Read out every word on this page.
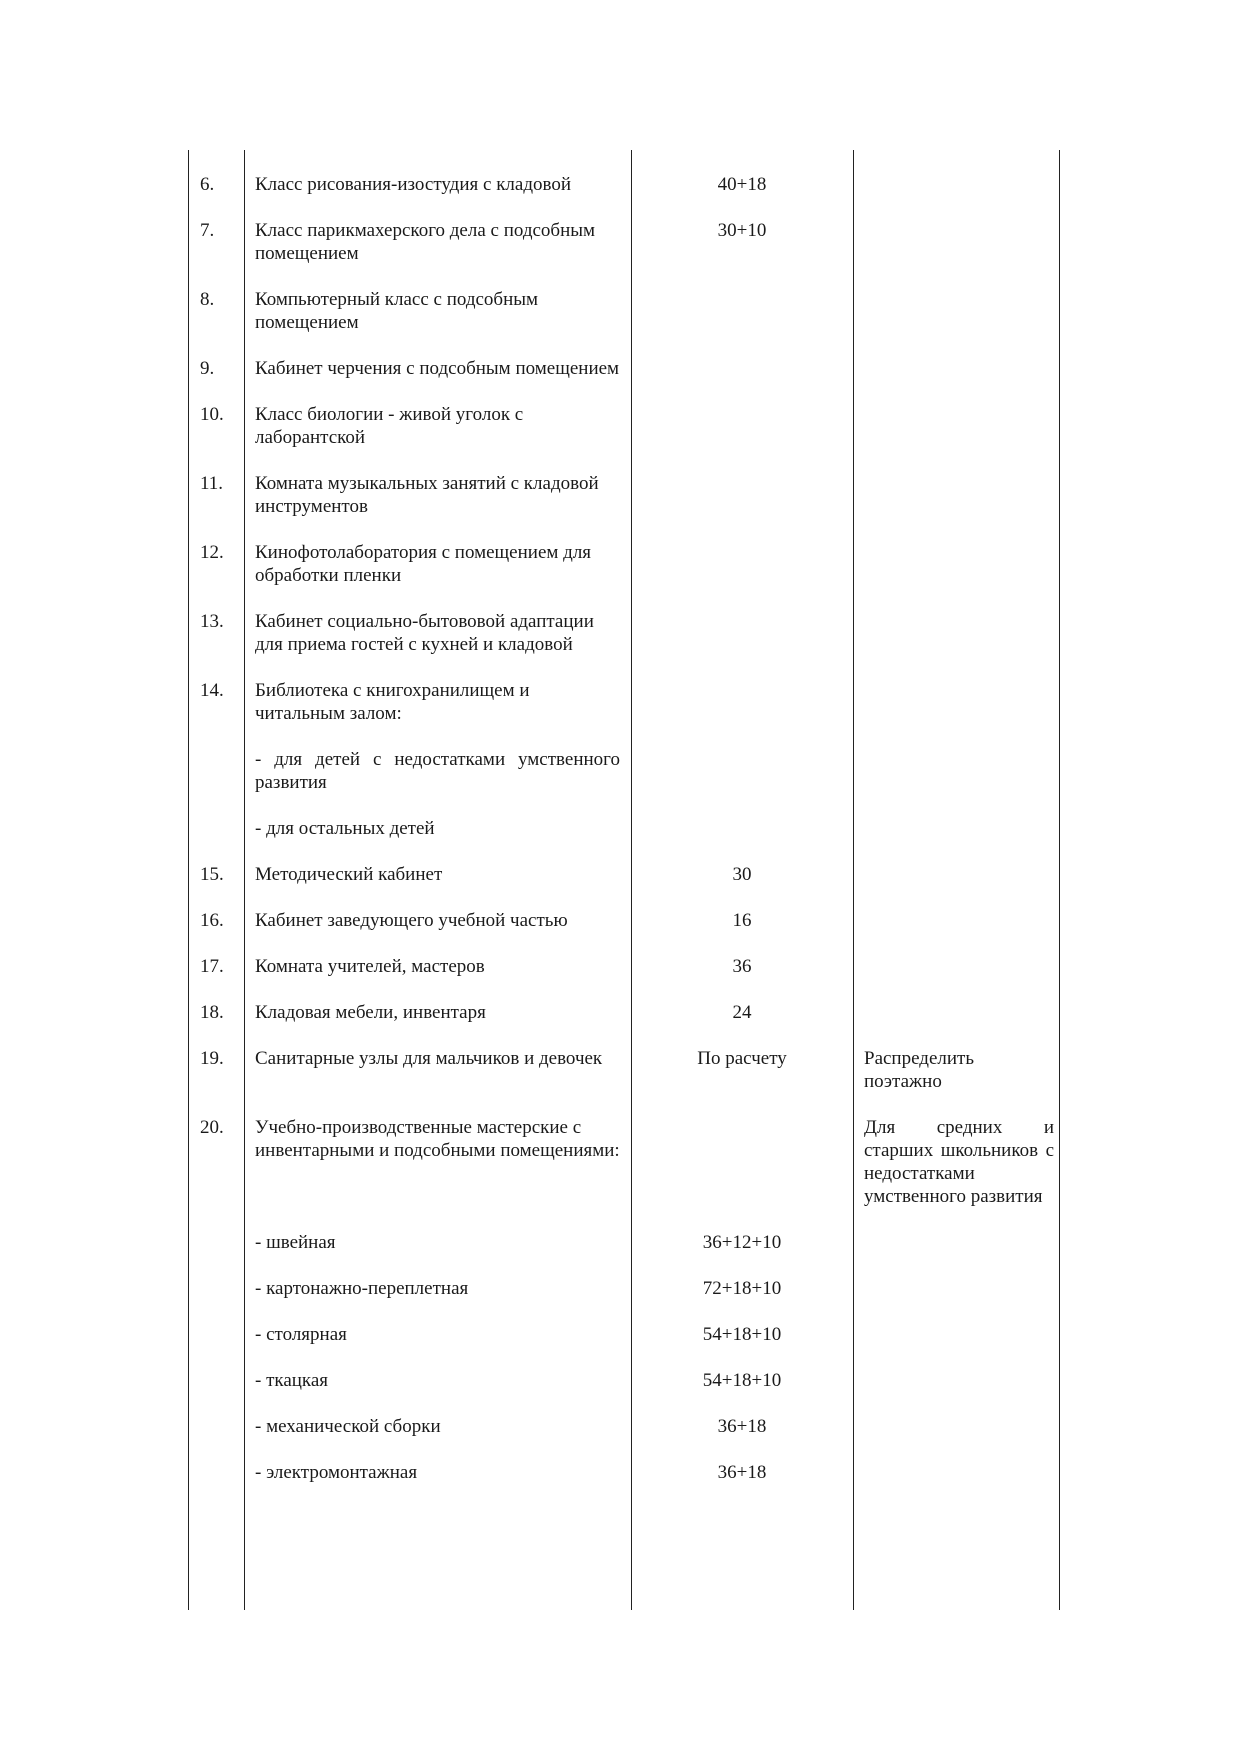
6.	Класс рисования-изостудия с кладовой	40+18	
7.	Класс парикмахерского дела с подсобным помещением	30+10	
8.	Компьютерный класс с подсобным помещением		
9.	Кабинет черчения с подсобным помещением		
10.	Класс биологии - живой уголок с лаборантской		
11.	Комната музыкальных занятий с кладовой инструментов		
12.	Кинофотолаборатория с помещением для обработки пленки		
13.	Кабинет социально-бытововой адаптации для приема гостей с кухней и кладовой		
14.	Библиотека с книгохранилищем и читальным залом:		
	- для детей с недостатками умственного развития		
	- для остальных детей		
15.	Методический кабинет	30	
16.	Кабинет заведующего учебной частью	16	
17.	Комната учителей, мастеров	36	
18.	Кладовая мебели, инвентаря	24	
19.	Санитарные узлы для мальчиков и девочек	По расчету	Распределить поэтажно
20.	Учебно-производственные мастерские с инвентарными и подсобными помещениями:		Для средних и старших школьников с недостатками умственного развития
	- швейная	36+12+10	
	- картонажно-переплетная	72+18+10	
	- столярная	54+18+10	
	- ткацкая	54+18+10	
	- механической сборки	36+18	
	- электромонтажная	36+18	
